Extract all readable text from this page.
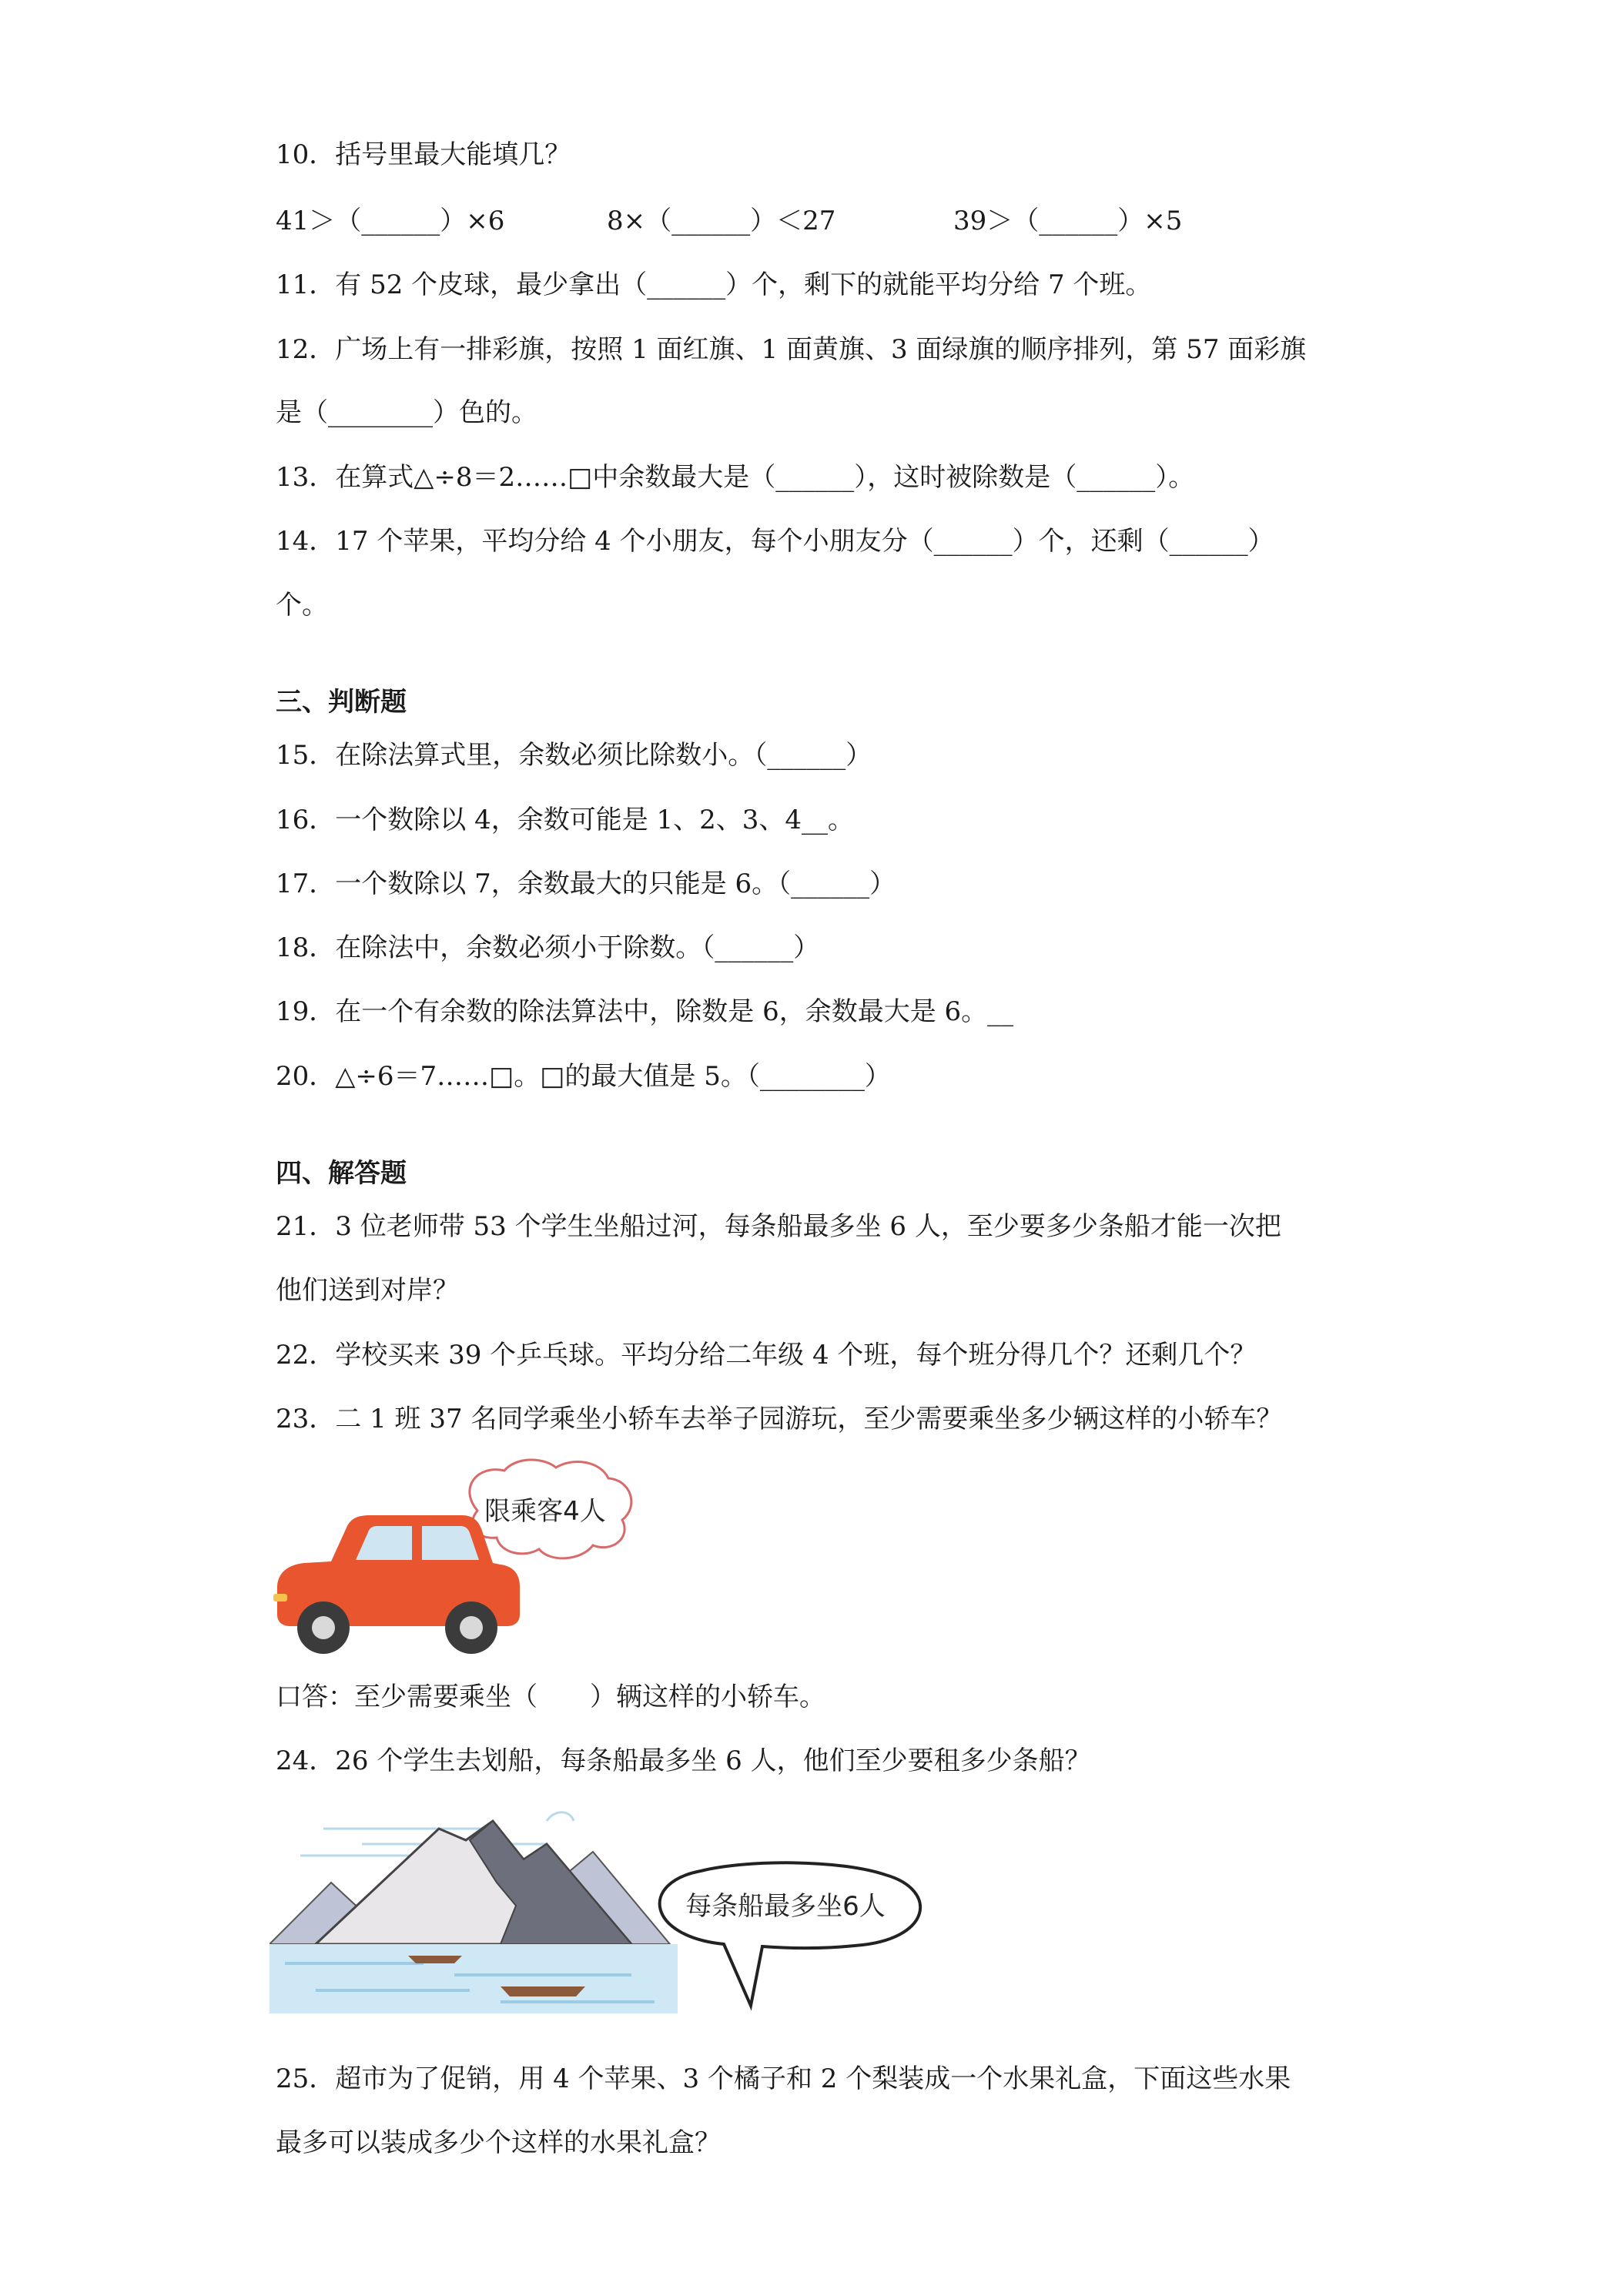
10．括号里最大能填几？
41＞（______）×6	8×（______）＜27	39＞（______）×5
11．有 52 个皮球，最少拿出（______）个，剩下的就能平均分给 7 个班。
12．广场上有一排彩旗，按照 1 面红旗、1 面黄旗、3 面绿旗的顺序排列，第 57 面彩旗
是（________）色的。
13．在算式△÷8＝2……□中余数最大是（______），这时被除数是（______）。
14．17 个苹果，平均分给 4 个小朋友，每个小朋友分（______）个，还剩（______）
个。
三、判断题
15．在除法算式里，余数必须比除数小。（______）
16．一个数除以 4，余数可能是 1、2、3、4__。
17．一个数除以 7，余数最大的只能是 6。（______）
18．在除法中，余数必须小于除数。（______）
19．在一个有余数的除法算法中，除数是 6，余数最大是 6。__
20．△÷6＝7……□。□的最大值是 5。（________）
四、解答题
21．3 位老师带 53 个学生坐船过河，每条船最多坐 6 人，至少要多少条船才能一次把
他们送到对岸？
22．学校买来 39 个乒乓球。平均分给二年级 4 个班，每个班分得几个？还剩几个？
23．二 1 班 37 名同学乘坐小轿车去举子园游玩，至少需要乘坐多少辆这样的小轿车？
限乘客4人
口答：至少需要乘坐（　　）辆这样的小轿车。
24．26 个学生去划船，每条船最多坐 6 人，他们至少要租多少条船？
每条船最多坐6人
25．超市为了促销，用 4 个苹果、3 个橘子和 2 个梨装成一个水果礼盒，下面这些水果
最多可以装成多少个这样的水果礼盒？
